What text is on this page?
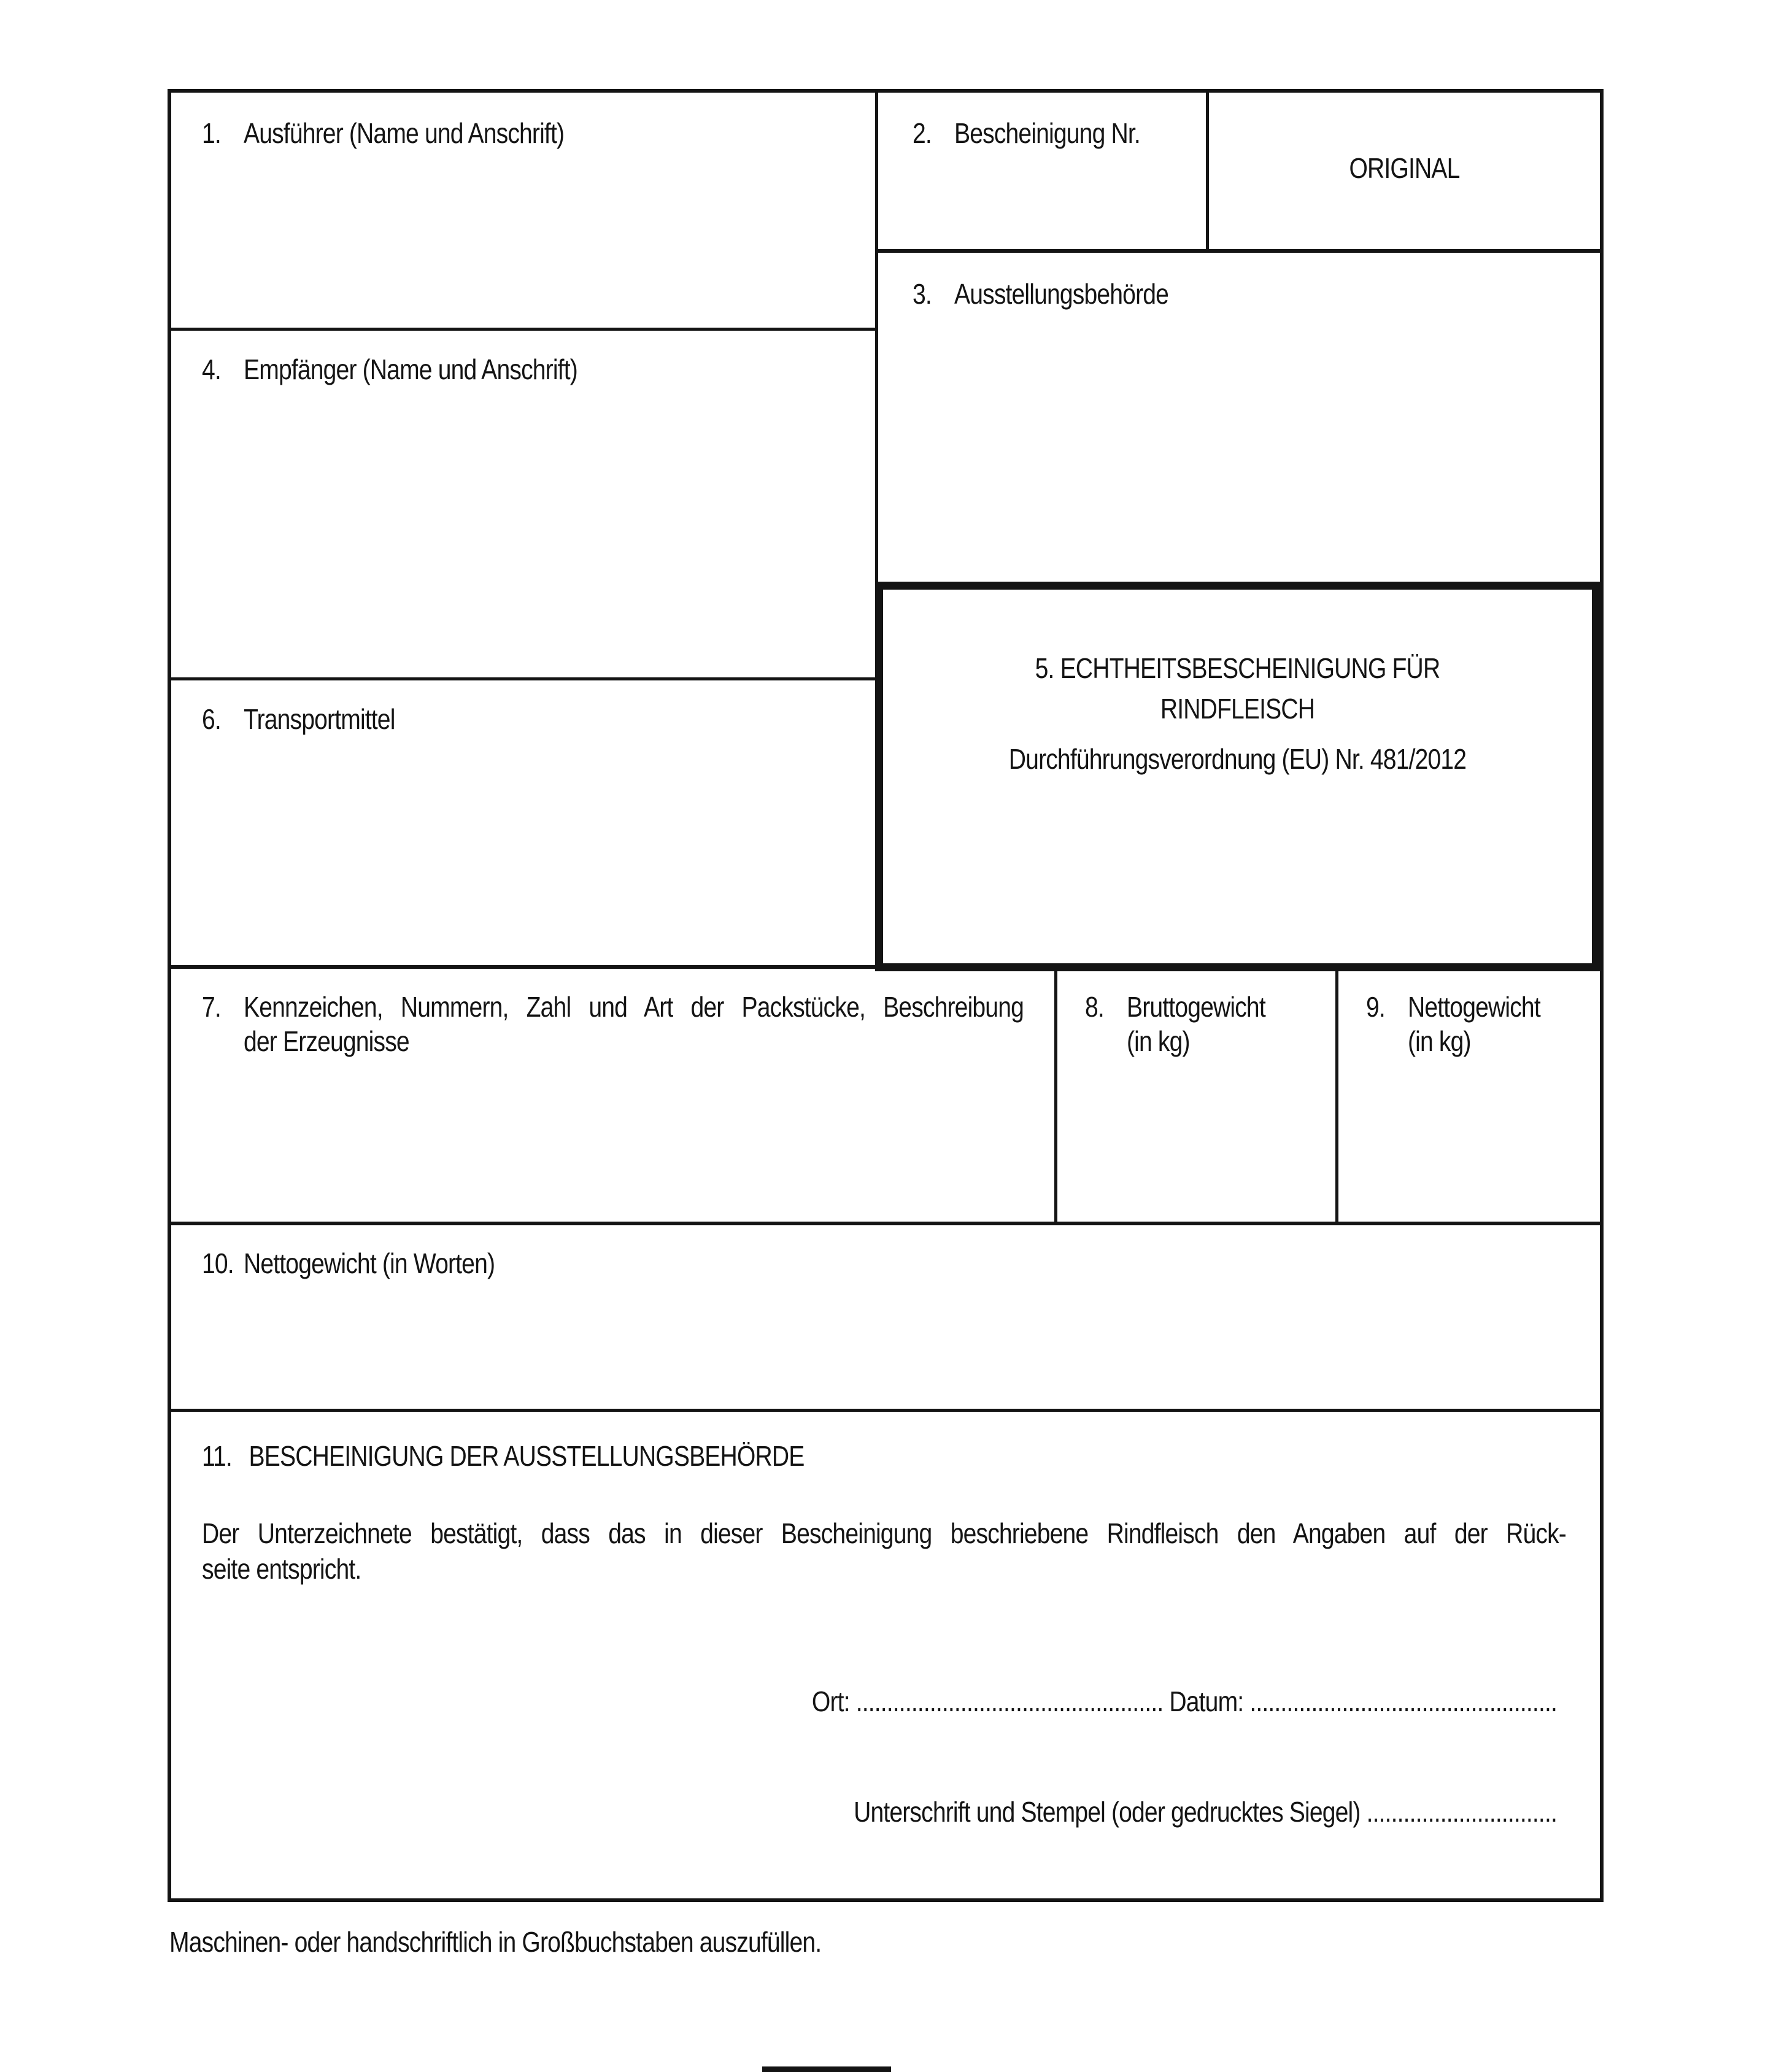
1. Ausführer (Name und Anschrift)	2. Bescheinigung Nr.
ORIGINAL
3. Ausstellungsbehörde
4. Empfänger (Name und Anschrift)
6. Transportmittel
5. ECHTHEITSBESCHEINIGUNG FÜR
RINDFLEISCH
Durchführungsverordnung (EU) Nr. 481/2012
7. Kennzeichen, Nummern, Zahl und Art der Packstücke, Beschreibung
der Erzeugnisse
8. Bruttogewicht
(in kg)
9. Nettogewicht
(in kg)
10. Nettogewicht (in Worten)
11. BESCHEINIGUNG DER AUSSTELLUNGSBEHÖRDE
Der Unterzeichnete bestätigt, dass das in dieser Bescheinigung beschriebene Rindfleisch den Angaben auf der Rück-
seite entspricht.
Ort: .................................................. Datum: ..................................................
Unterschrift und Stempel (oder gedrucktes Siegel) ...............................
Maschinen- oder handschriftlich in Großbuchstaben auszufüllen.
